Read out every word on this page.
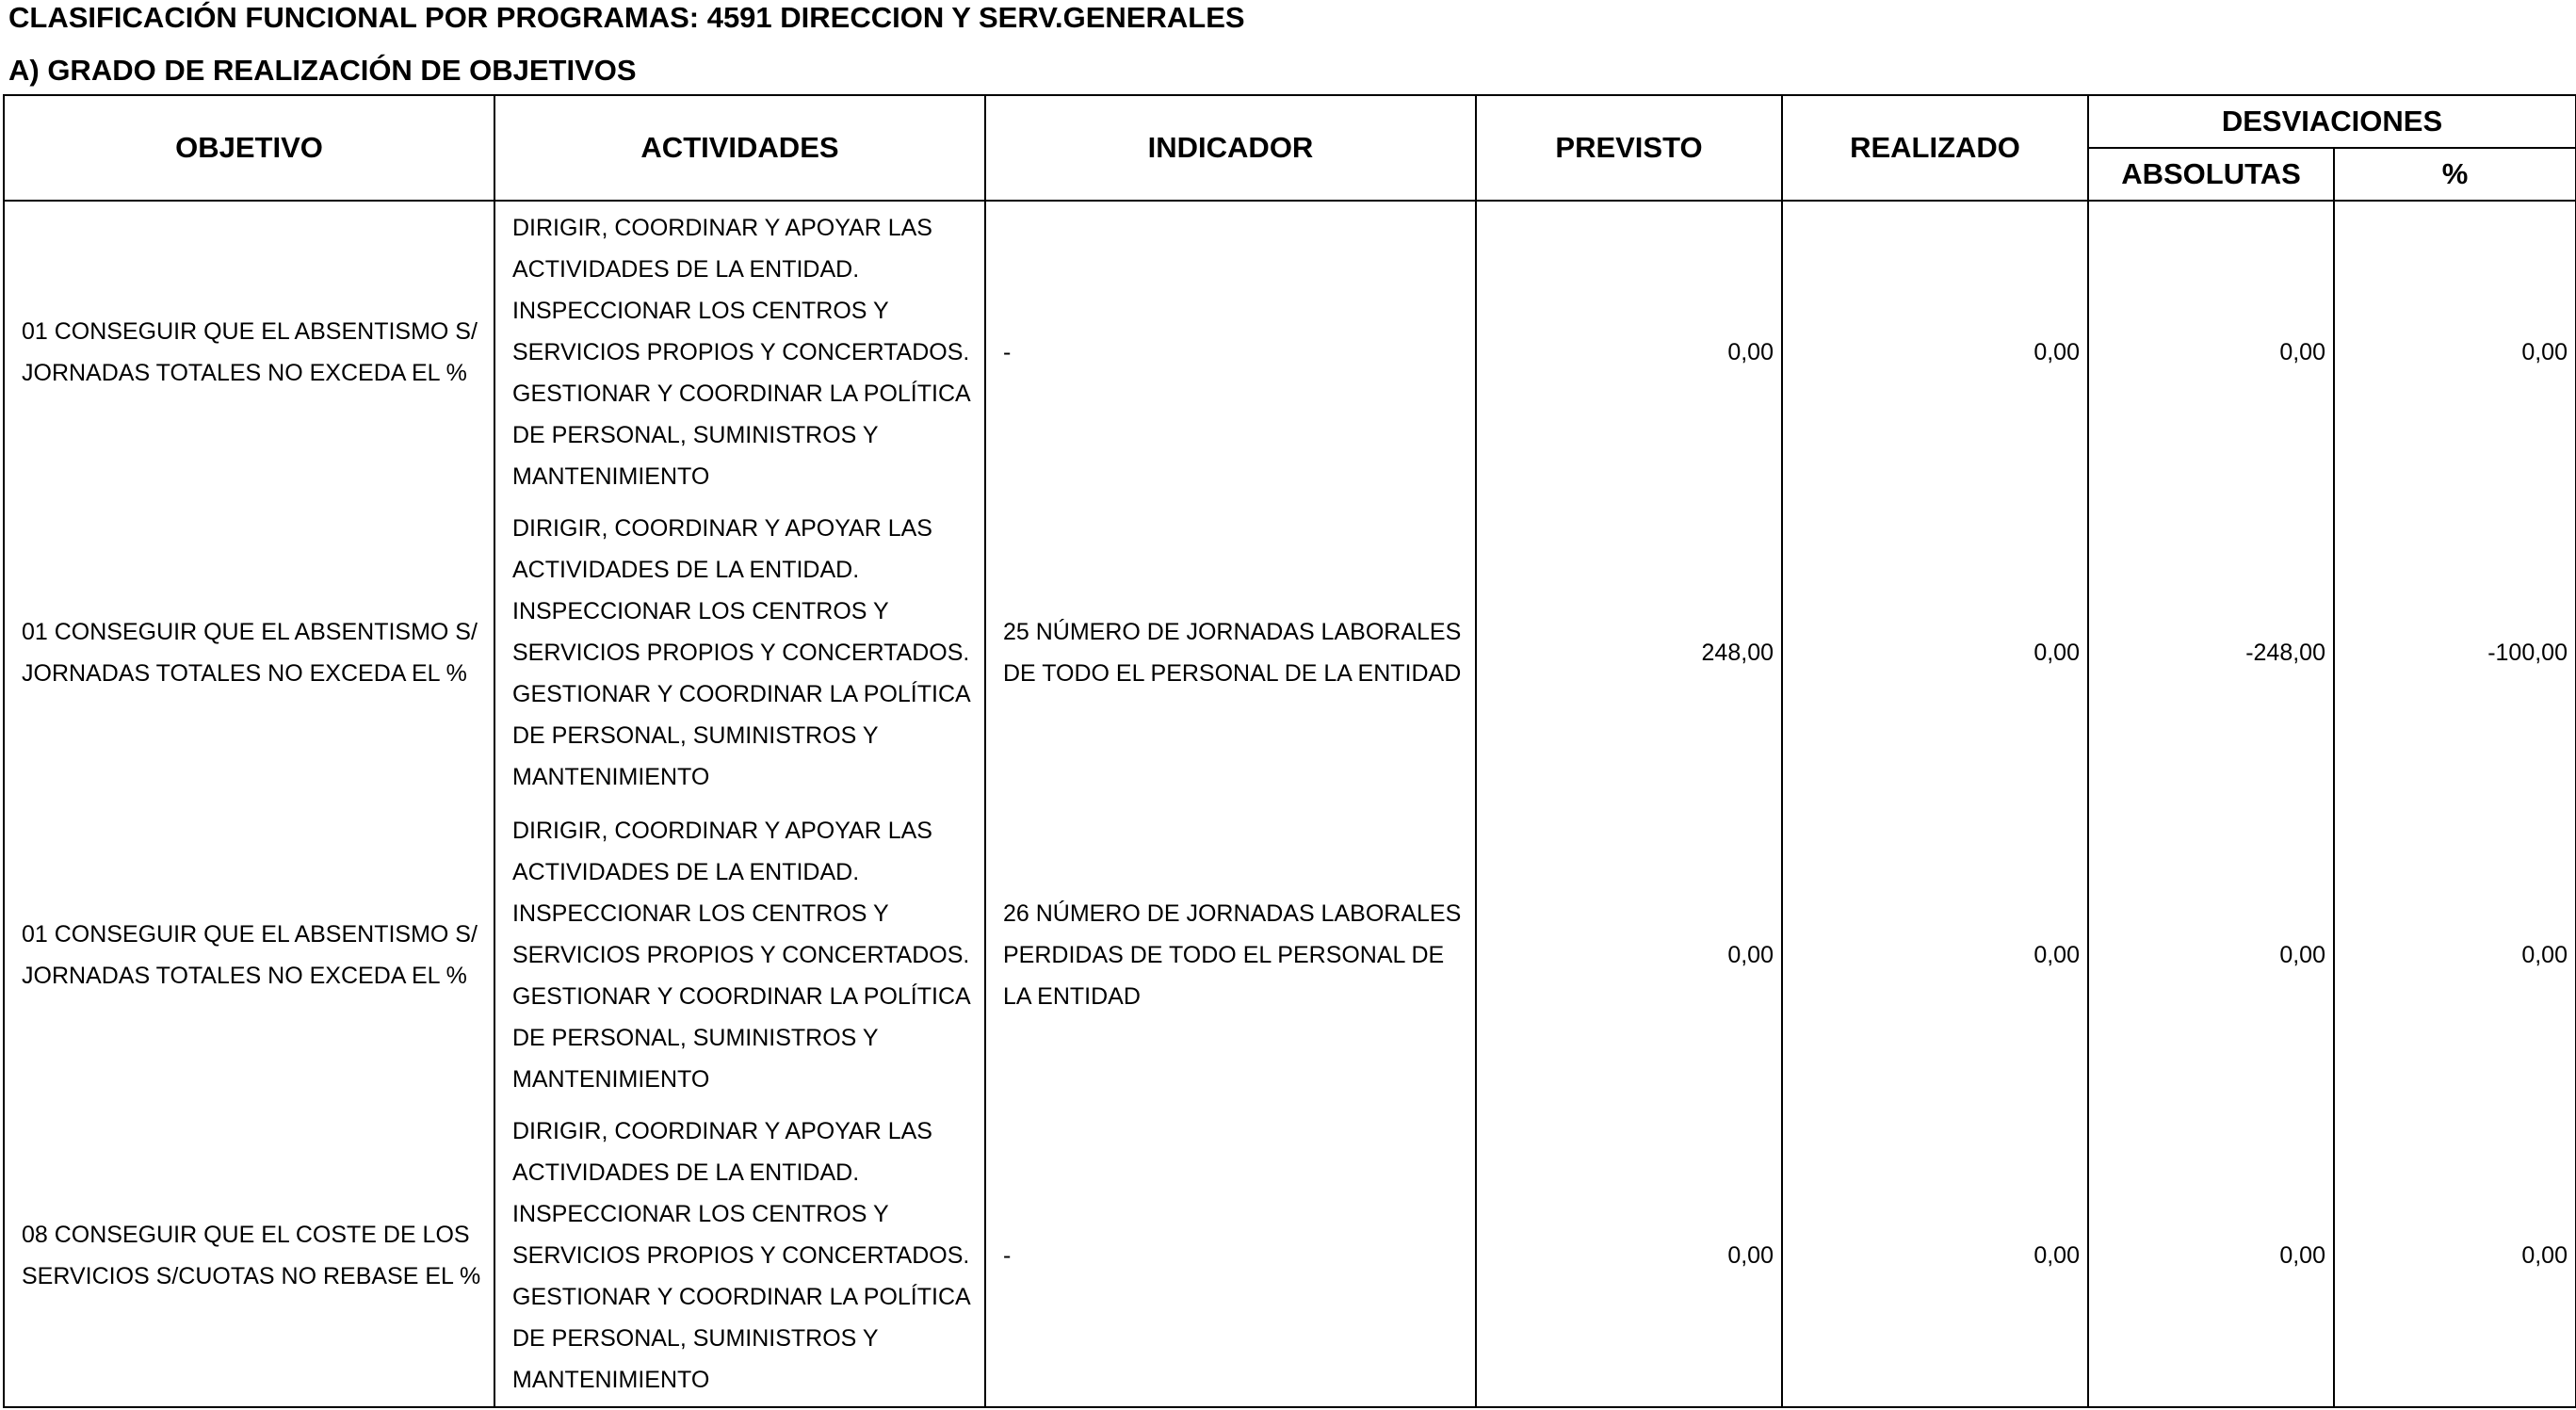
CLASIFICACIÓN FUNCIONAL POR PROGRAMAS: 4591 DIRECCION Y SERV.GENERALES
A) GRADO DE REALIZACIÓN DE OBJETIVOS
OBJETIVO	ACTIVIDADES	INDICADOR	PREVISTO	REALIZADO	DESVIACIONES	
					ABSOLUTAS	%
01 CONSEGUIR QUE EL ABSENTISMO S/ JORNADAS TOTALES NO EXCEDA EL %	DIRIGIR, COORDINAR Y APOYAR LAS ACTIVIDADES DE LA ENTIDAD. INSPECCIONAR LOS CENTROS Y SERVICIOS PROPIOS Y CONCERTADOS. GESTIONAR Y COORDINAR LA POLÍTICA DE PERSONAL, SUMINISTROS Y MANTENIMIENTO	-	0,00	0,00	0,00	0,00
01 CONSEGUIR QUE EL ABSENTISMO S/ JORNADAS TOTALES NO EXCEDA EL %	DIRIGIR, COORDINAR Y APOYAR LAS ACTIVIDADES DE LA ENTIDAD. INSPECCIONAR LOS CENTROS Y SERVICIOS PROPIOS Y CONCERTADOS. GESTIONAR Y COORDINAR LA POLÍTICA DE PERSONAL, SUMINISTROS Y MANTENIMIENTO	25 NÚMERO DE JORNADAS LABORALES DE TODO EL PERSONAL DE LA ENTIDAD	248,00	0,00	-248,00	-100,00
01 CONSEGUIR QUE EL ABSENTISMO S/ JORNADAS TOTALES NO EXCEDA EL %	DIRIGIR, COORDINAR Y APOYAR LAS ACTIVIDADES DE LA ENTIDAD. INSPECCIONAR LOS CENTROS Y SERVICIOS PROPIOS Y CONCERTADOS. GESTIONAR Y COORDINAR LA POLÍTICA DE PERSONAL, SUMINISTROS Y MANTENIMIENTO	26 NÚMERO DE JORNADAS LABORALES PERDIDAS DE TODO EL PERSONAL DE LA ENTIDAD	0,00	0,00	0,00	0,00
08 CONSEGUIR QUE EL COSTE DE LOS SERVICIOS S/CUOTAS NO REBASE EL %	DIRIGIR, COORDINAR Y APOYAR LAS ACTIVIDADES DE LA ENTIDAD. INSPECCIONAR LOS CENTROS Y SERVICIOS PROPIOS Y CONCERTADOS. GESTIONAR Y COORDINAR LA POLÍTICA DE PERSONAL, SUMINISTROS Y MANTENIMIENTO	-	0,00	0,00	0,00	0,00
